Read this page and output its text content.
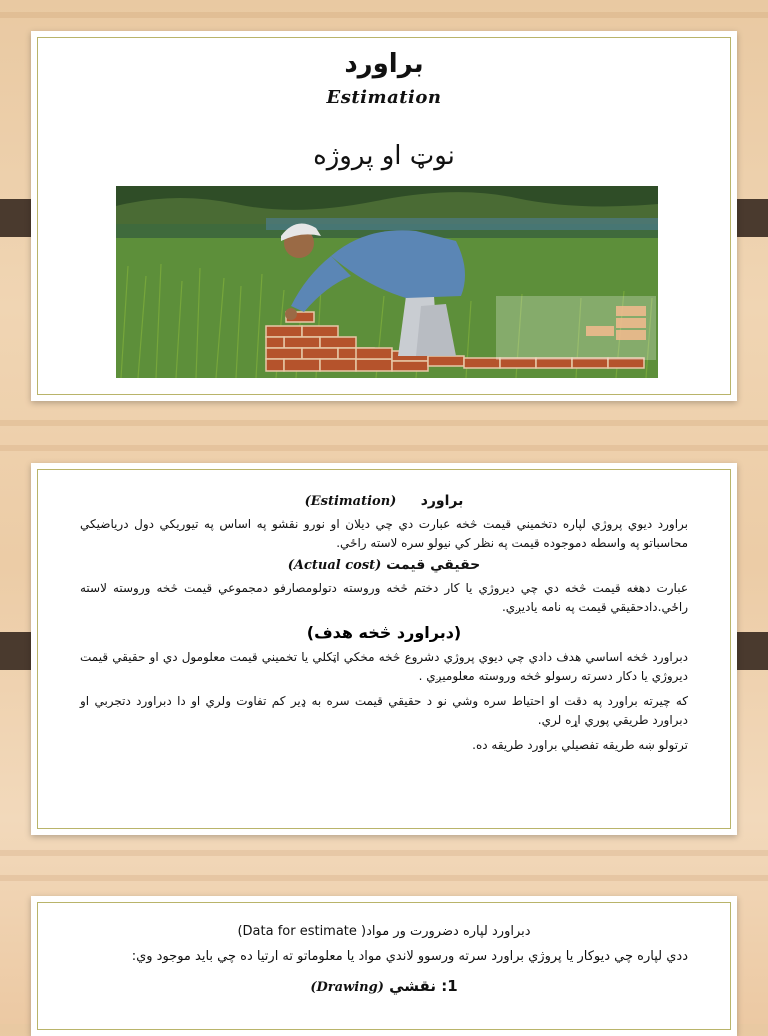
براورد
Estimation
نوټ او پروژه
براورد     (Estimation)
براورد ديوي پروژي لپاره دتخميني قيمت څخه عبارت دي چي ديلان او نورو نقشو په اساس په تيوريکي دول درياضيکي محاسباتو په واسطه دموجوده قيمت په نظر کي نيولو سره لاسته راځي.
حقيقي قيمت (Actual cost)
عبارت دهغه قيمت څخه دي چي ديروژي يا کار دختم څخه وروسته دتولومصارفو دمجموعي قيمت څخه وروسته لاسته راځي.دادحقيقي قيمت په نامه ياديږي.
(دبراورد څخه هدف)
دبراورد څخه اساسي هدف دادي چي ديوي پروژي دشروع څخه مخکي اټکلي يا تخميني قيمت معلومول دي او حقيقي قيمت ديروژي يا دکار دسرته رسولو څخه وروسته معلوميږي .
که چيرته براورد په دقت او احتياط سره وشي نو د حقيقي قيمت سره به ډير کم تفاوت ولري او دا دبراورد دتجربي او دبراورد طريقي پوري اړه لري.
ترتولو ښه طريقه تفصيلي براورد طريقه ده.
دبراورد لپاره دضرورت ور مواد( Data for estimate)
ددي لپاره چي ديوکار يا پروژي براورد سرته ورسوو لاندي مواد يا معلوماتو ته ارتيا ده چي بايد موجود وي:
1: نقشي (Drawing)
